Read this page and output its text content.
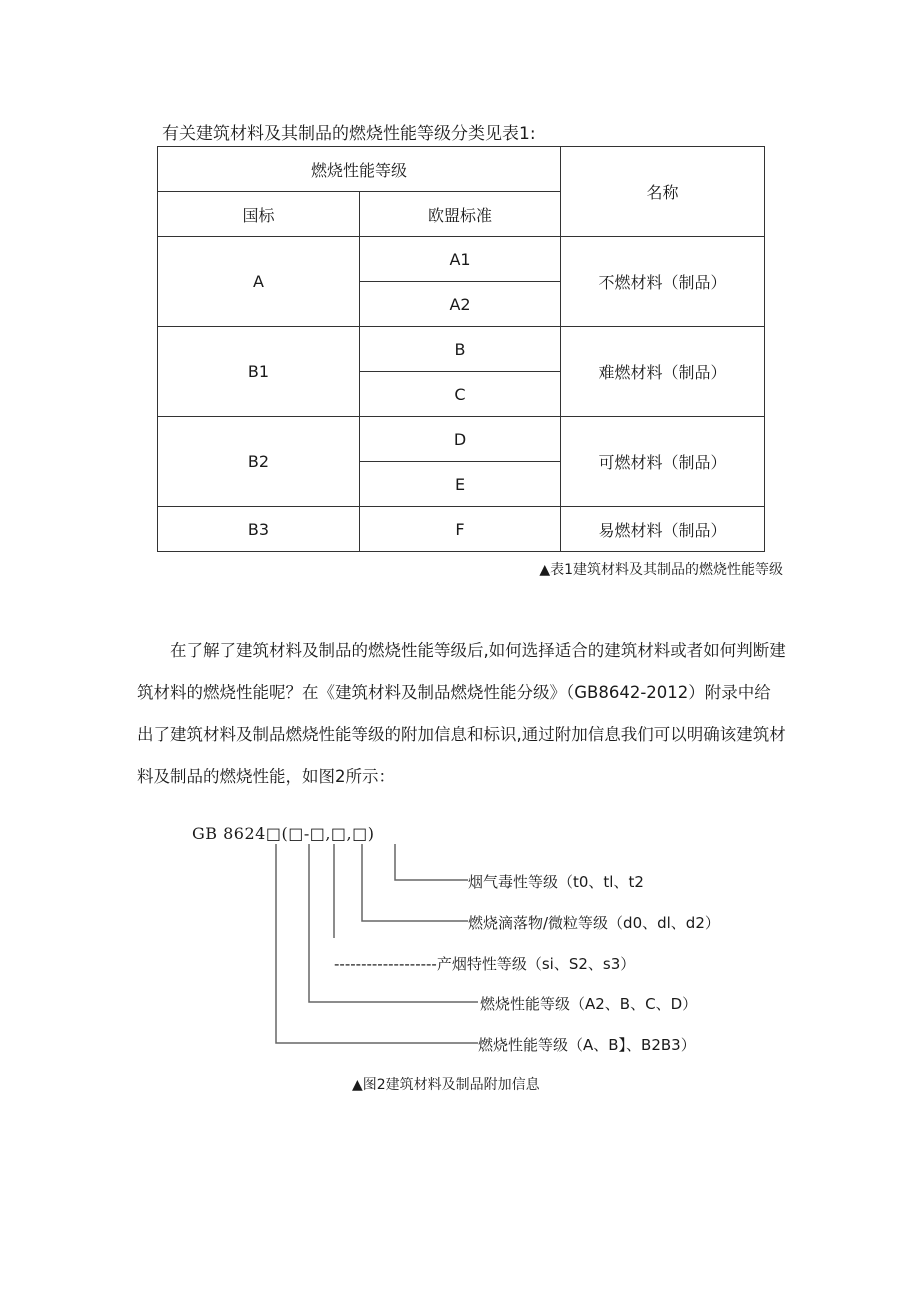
有关建筑材料及其制品的燃烧性能等级分类见表1:
燃烧性能等级		名称
国标	欧盟标准	
A	A1	不燃材料（制品）
	A2	
B1	B	难燃材料（制品）
	C	
B2	D	可燃材料（制品）
	E	
B3	F	易燃材料（制品）
▲表1建筑材料及其制品的燃烧性能等级

在了解了建筑材料及制品的燃烧性能等级后,如何选择适合的建筑材料或者如何判断建筑材料的燃烧性能呢？在《建筑材料及制品燃烧性能分级》（GB8642-2012）附录中给出了建筑材料及制品燃烧性能等级的附加信息和标识,通过附加信息我们可以明确该建筑材料及制品的燃烧性能，如图2所示：

GB 8624□(□-□,□,□)
烟气毒性等级（t0、tl、t2
燃烧滴落物/微粒等级（d0、dl、d2）
-------------------产烟特性等级（si、S2、s3）
燃烧性能等级（A2、B、C、D）
燃烧性能等级（A、B】、B2B3）
▲图2建筑材料及制品附加信息
